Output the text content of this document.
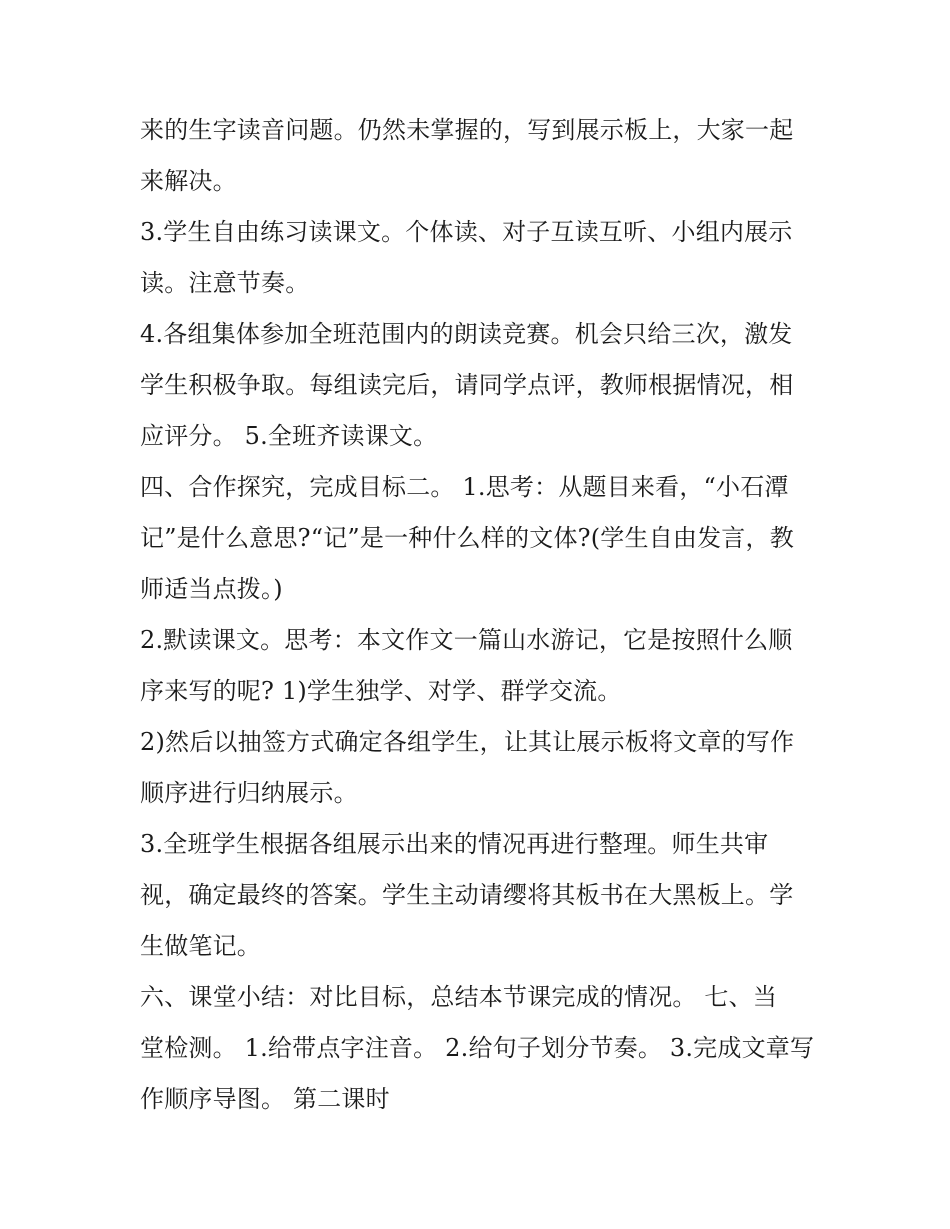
来的生字读音问题。仍然未掌握的，写到展示板上，大家一起
来解决。
3.学生自由练习读课文。个体读、对子互读互听、小组内展示
读。注意节奏。
4.各组集体参加全班范围内的朗读竞赛。机会只给三次，激发
学生积极争取。每组读完后，请同学点评，教师根据情况，相
应评分。 5.全班齐读课文。
四、合作探究，完成目标二。 1.思考：从题目来看，“小石潭
记”是什么意思?“记”是一种什么样的文体?(学生自由发言，教
师适当点拨。)
2.默读课文。思考：本文作文一篇山水游记，它是按照什么顺
序来写的呢? 1)学生独学、对学、群学交流。
2)然后以抽签方式确定各组学生，让其让展示板将文章的写作
顺序进行归纳展示。
3.全班学生根据各组展示出来的情况再进行整理。师生共审
视，确定最终的答案。学生主动请缨将其板书在大黑板上。学
生做笔记。
六、课堂小结：对比目标，总结本节课完成的情况。 七、当
堂检测。 1.给带点字注音。 2.给句子划分节奏。 3.完成文章写
作顺序导图。 第二课时
